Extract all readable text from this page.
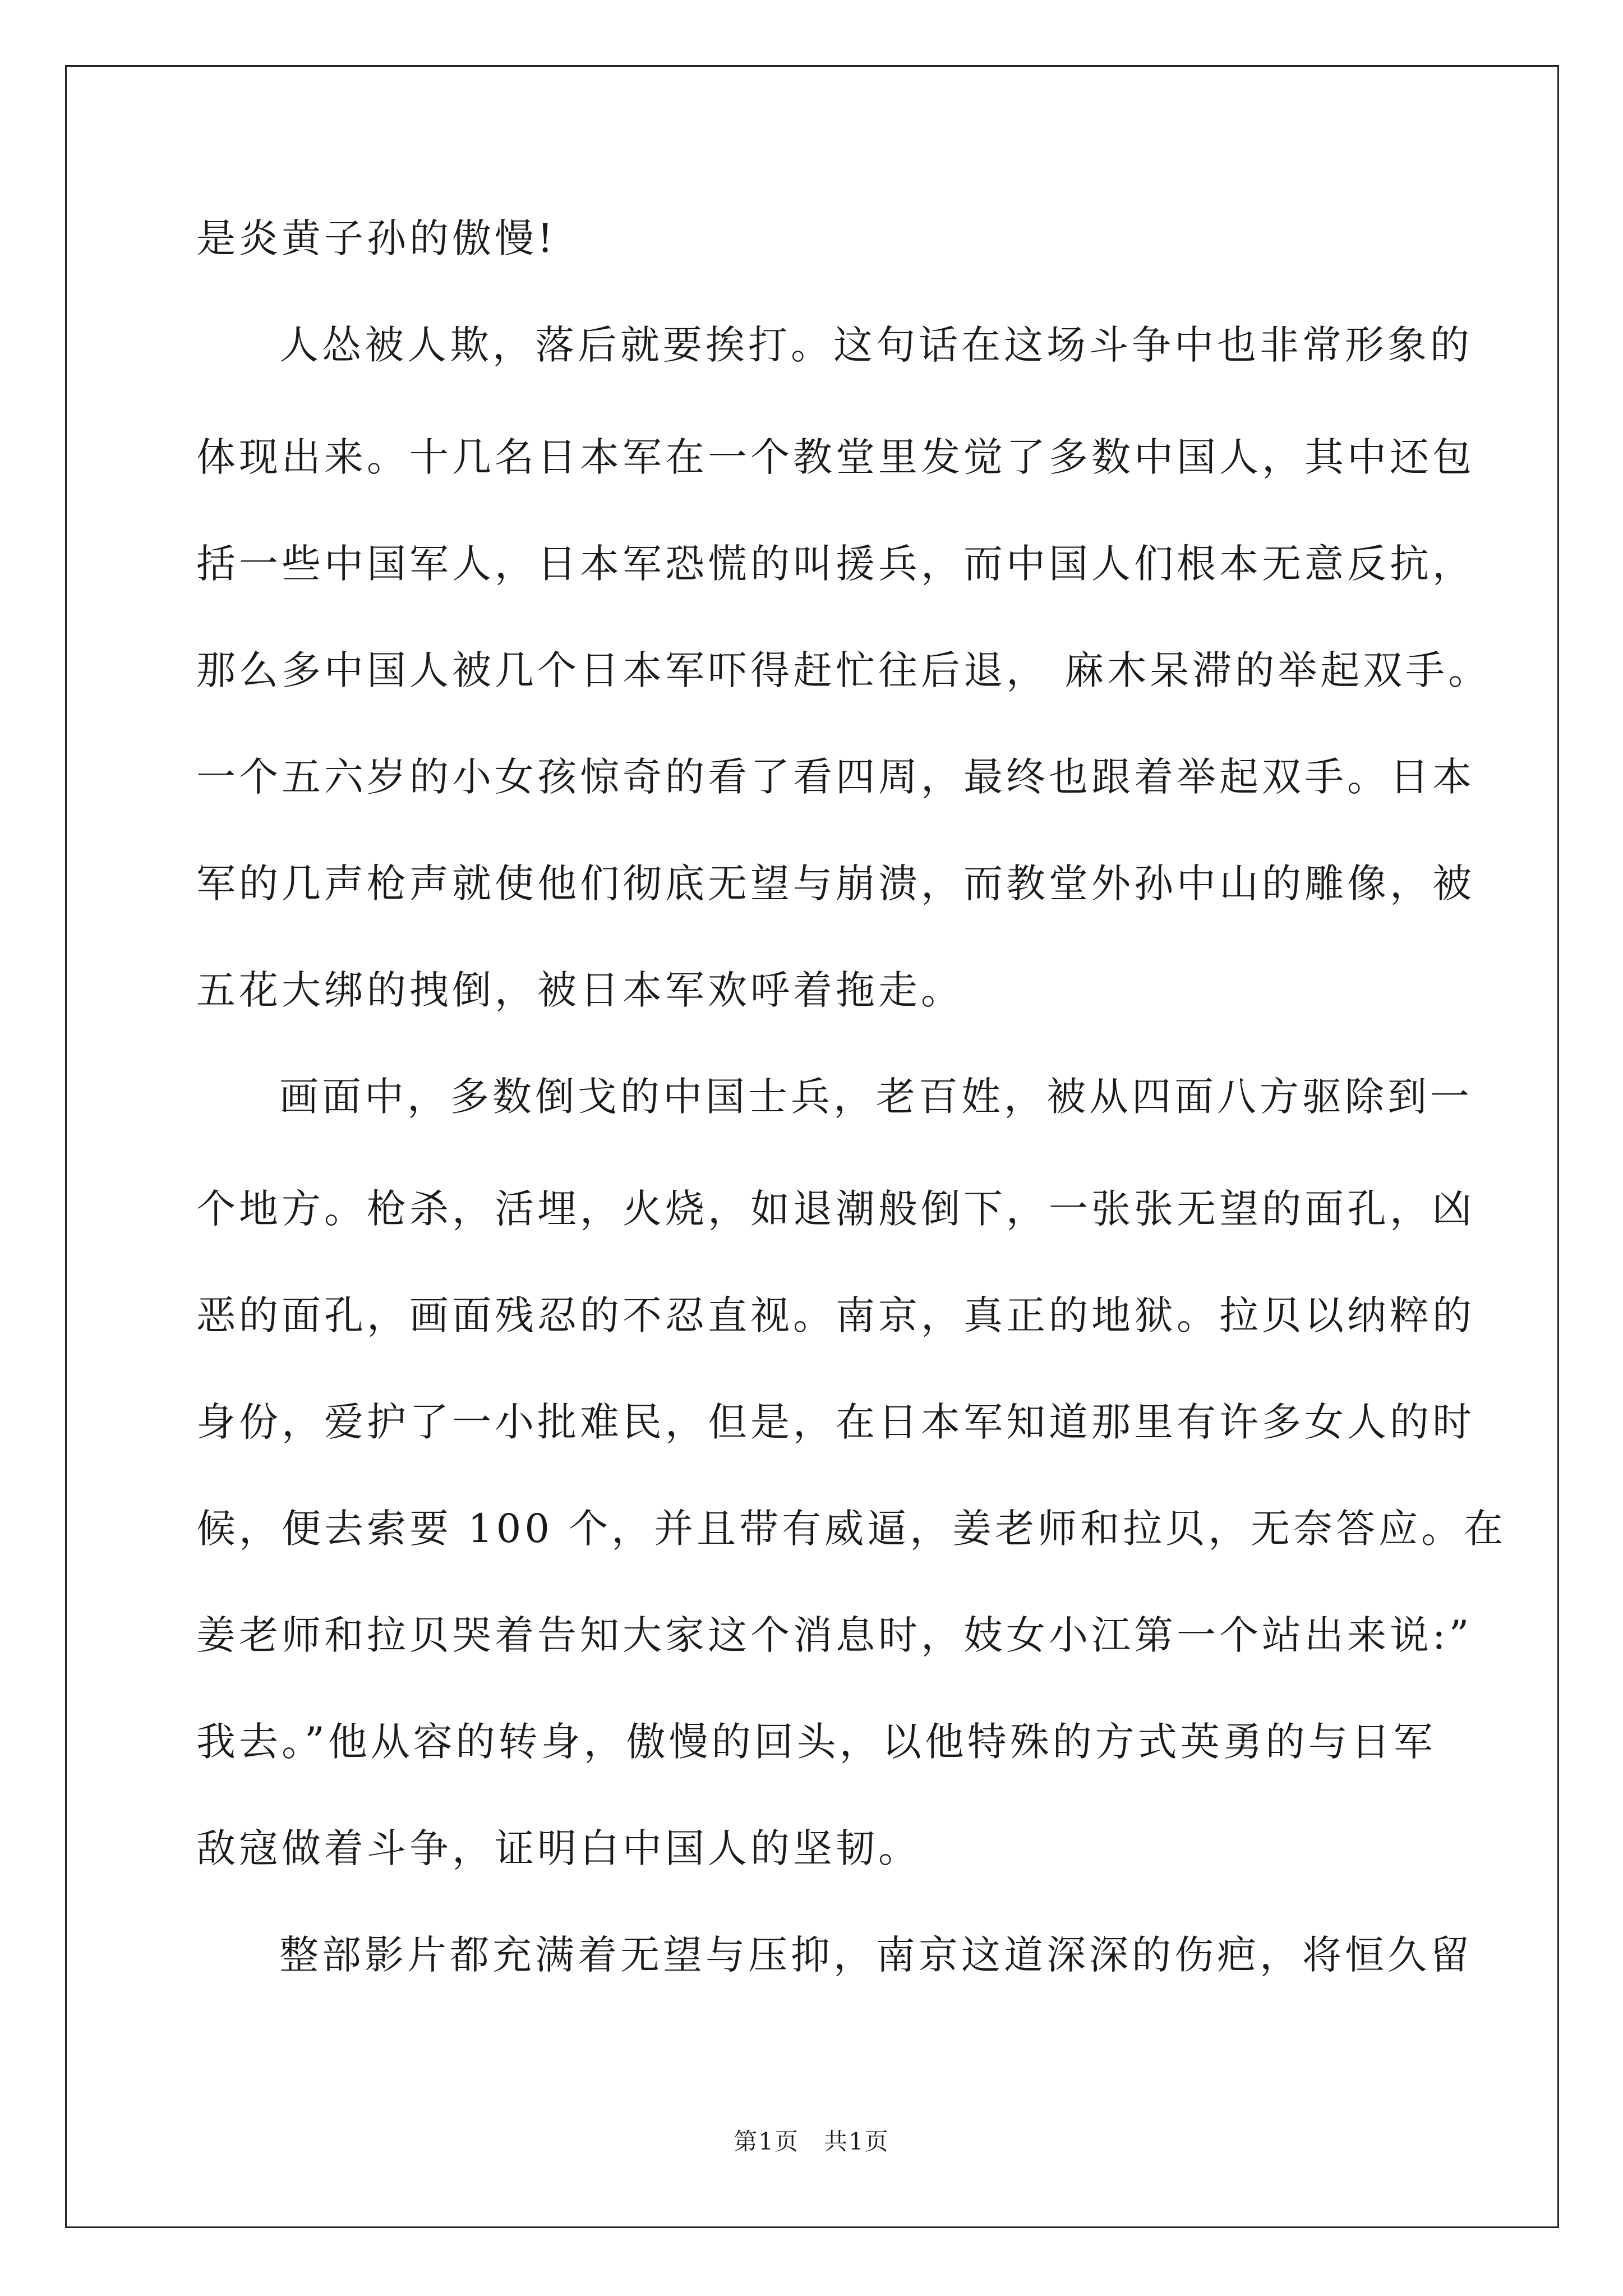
是炎黄子孙的傲慢!
人怂被人欺，落后就要挨打。这句话在这场斗争中也非常形象的
体现出来。十几名日本军在一个教堂里发觉了多数中国人，其中还包
括一些中国军人，日本军恐慌的叫援兵，而中国人们根本无意反抗，
那么多中国人被几个日本军吓得赶忙往后退， 麻木呆滞的举起双手。
一个五六岁的小女孩惊奇的看了看四周，最终也跟着举起双手。日本
军的几声枪声就使他们彻底无望与崩溃，而教堂外孙中山的雕像，被
五花大绑的拽倒，被日本军欢呼着拖走。
画面中，多数倒戈的中国士兵，老百姓，被从四面八方驱除到一
个地方。枪杀，活埋，火烧，如退潮般倒下，一张张无望的面孔，凶
恶的面孔，画面残忍的不忍直视。南京，真正的地狱。拉贝以纳粹的
身份，爱护了一小批难民，但是，在日本军知道那里有许多女人的时
候，便去索要 100 个，并且带有威逼，姜老师和拉贝，无奈答应。在
姜老师和拉贝哭着告知大家这个消息时，妓女小江第一个站出来说:”
我去。”他从容的转身，傲慢的回头，以他特殊的方式英勇的与日军
敌寇做着斗争，证明白中国人的坚韧。
整部影片都充满着无望与压抑，南京这道深深的伤疤，将恒久留
第1页　共1页
